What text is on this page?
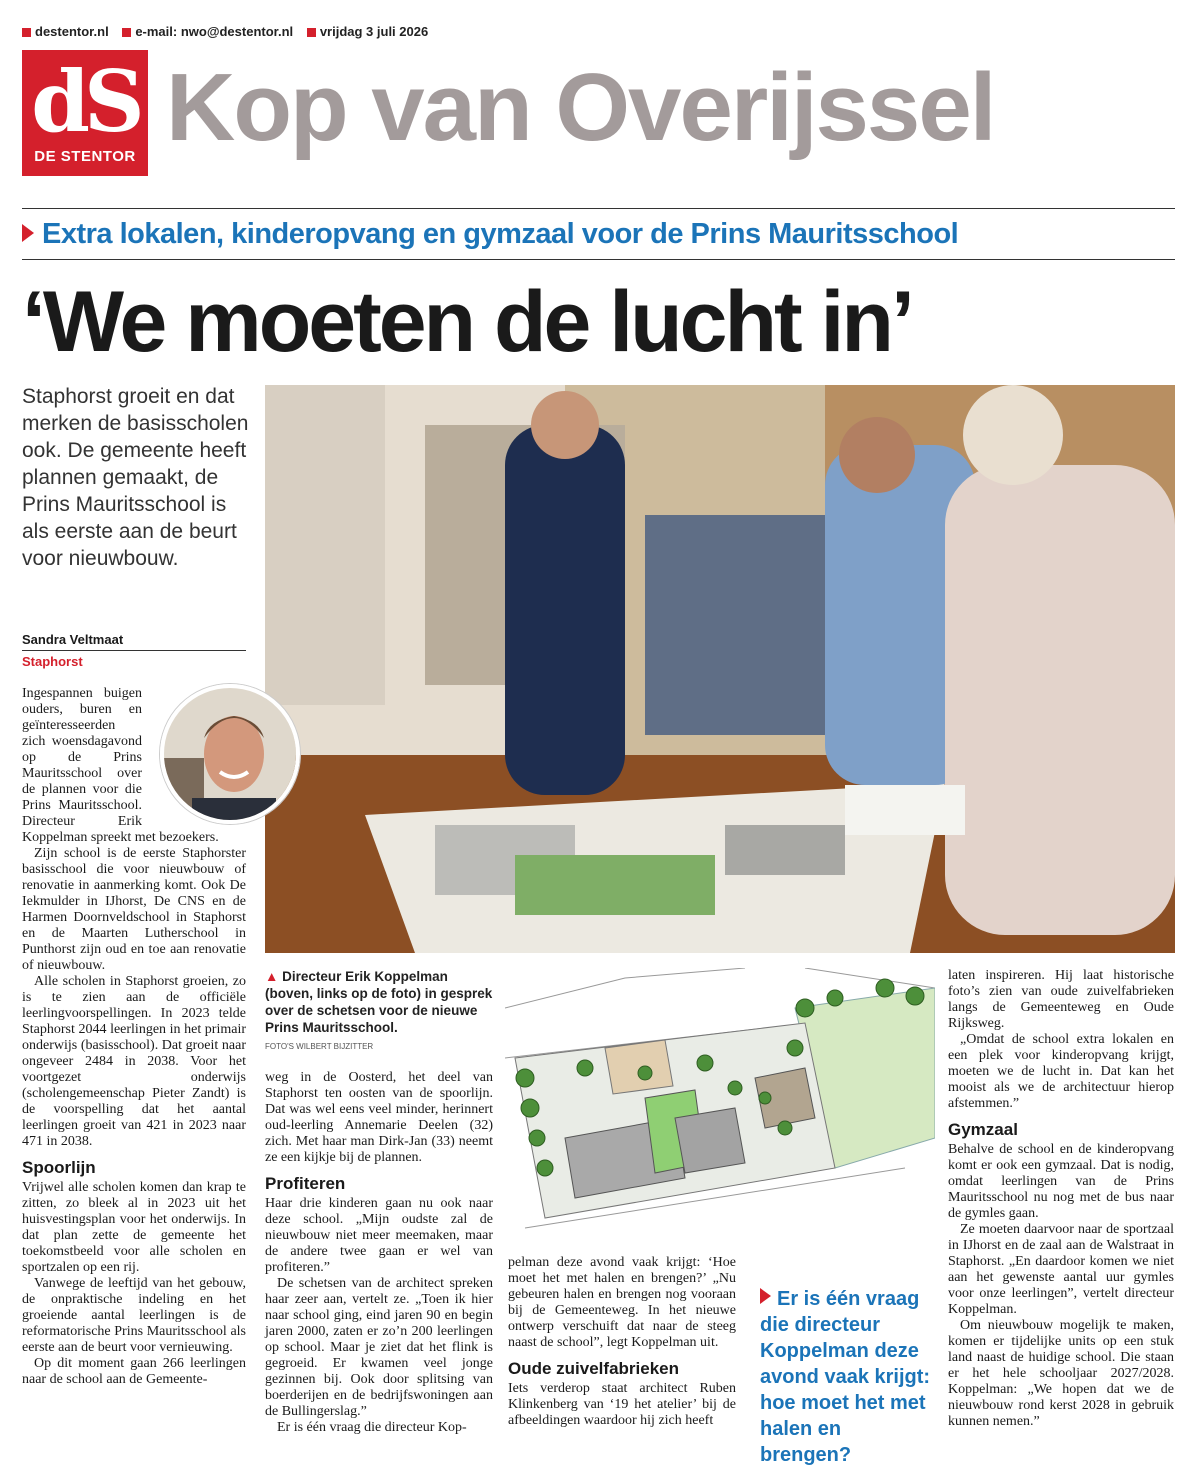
destentor.nl e-mail: nwo@destentor.nl vrijdag 3 juli 2026
dS
DE STENTOR Kop van Overijssel
Extra lokalen, kinderopvang en gymzaal voor de Prins Mauritsschool
‘We moeten de lucht in’
Staphorst groeit en dat merken de basisscholen ook. De gemeente heeft plannen gemaakt, de Prins Mauritsschool is als eerste aan de beurt voor nieuwbouw.
Sandra Veltmaat
Staphorst

Ingespannen buigen ouders, buren en geïnteresseerden zich woensdagavond op de Prins Mauritsschool over de plannen voor die Prins Mauritsschool. Directeur Erik Koppelman spreekt met bezoekers.

Zijn school is de eerste Staphorster basisschool die voor nieuwbouw of renovatie in aanmerking komt. Ook De Iekmulder in IJhorst, De CNS en de Harmen Doornveldschool in Staphorst en de Maarten Lutherschool in Punthorst zijn oud en toe aan renovatie of nieuwbouw.

Alle scholen in Staphorst groeien, zo is te zien aan de officiële leerlingvoorspellingen. In 2023 telde Staphorst 2044 leerlingen in het primair onderwijs (basisschool). Dat groeit naar ongeveer 2484 in 2038. Voor het voortgezet onderwijs (scholengemeenschap Pieter Zandt) is de voorspelling dat het aantal leerlingen groeit van 421 in 2023 naar 471 in 2038.

Spoorlijn

Vrijwel alle scholen komen dan krap te zitten, zo bleek al in 2023 uit het huisvestingsplan voor het onderwijs. In dat plan zette de gemeente het toekomstbeeld voor alle scholen en sportzalen op een rij.

Vanwege de leeftijd van het gebouw, de onpraktische indeling en het groeiende aantal leerlingen is de reformatorische Prins Mauritsschool als eerste aan de beurt voor vernieuwing.

Op dit moment gaan 266 leerlingen naar de school aan de Gemeente-

▲ Directeur Erik Koppelman (boven, links op de foto) in gesprek over de schetsen voor de nieuwe Prins Mauritsschool.
FOTO'S WILBERT BIJZITTER

weg in de Oosterd, het deel van Staphorst ten oosten van de spoorlijn. Dat was wel eens veel minder, herinnert oud-leerling Annemarie Deelen (32) zich. Met haar man Dirk-Jan (33) neemt ze een kijkje bij de plannen.

Profiteren

Haar drie kinderen gaan nu ook naar deze school. „Mijn oudste zal de nieuwbouw niet meer meemaken, maar de andere twee gaan er wel van profiteren.”

De schetsen van de architect spreken haar zeer aan, vertelt ze. „Toen ik hier naar school ging, eind jaren 90 en begin jaren 2000, zaten er zo’n 200 leerlingen op school. Maar je ziet dat het flink is gegroeid. Er kwamen veel jonge gezinnen bij. Ook door splitsing van boerderijen en de bedrijfswoningen aan de Bullingerslag.”

Er is één vraag die directeur Kop-

pelman deze avond vaak krijgt: ‘Hoe moet het met halen en brengen?’ „Nu gebeuren halen en brengen nog vooraan bij de Gemeenteweg. In het nieuwe ontwerp verschuift dat naar de steeg naast de school”, legt Koppelman uit.

Oude zuivelfabrieken

Iets verderop staat architect Ruben Klinkenberg van ‘19 het atelier’ bij de afbeeldingen waardoor hij zich heeft

Er is één vraag die directeur Koppelman deze avond vaak krijgt: hoe moet het met halen en brengen?

laten inspireren. Hij laat historische foto’s zien van oude zuivelfabrieken langs de Gemeenteweg en Oude Rijksweg.

„Omdat de school extra lokalen en een plek voor kinderopvang krijgt, moeten we de lucht in. Dat kan het mooist als we de architectuur hierop afstemmen.”

Gymzaal

Behalve de school en de kinderopvang komt er ook een gymzaal. Dat is nodig, omdat leerlingen van de Prins Mauritsschool nu nog met de bus naar de gymles gaan.

Ze moeten daarvoor naar de sportzaal in IJhorst en de zaal aan de Walstraat in Staphorst. „En daardoor komen we niet aan het gewenste aantal uur gymles voor onze leerlingen”, vertelt directeur Koppelman.

Om nieuwbouw mogelijk te maken, komen er tijdelijke units op een stuk land naast de huidige school. Die staan er het hele schooljaar 2027/2028. Koppelman: „We hopen dat we de nieuwbouw rond kerst 2028 in gebruik kunnen nemen.”
